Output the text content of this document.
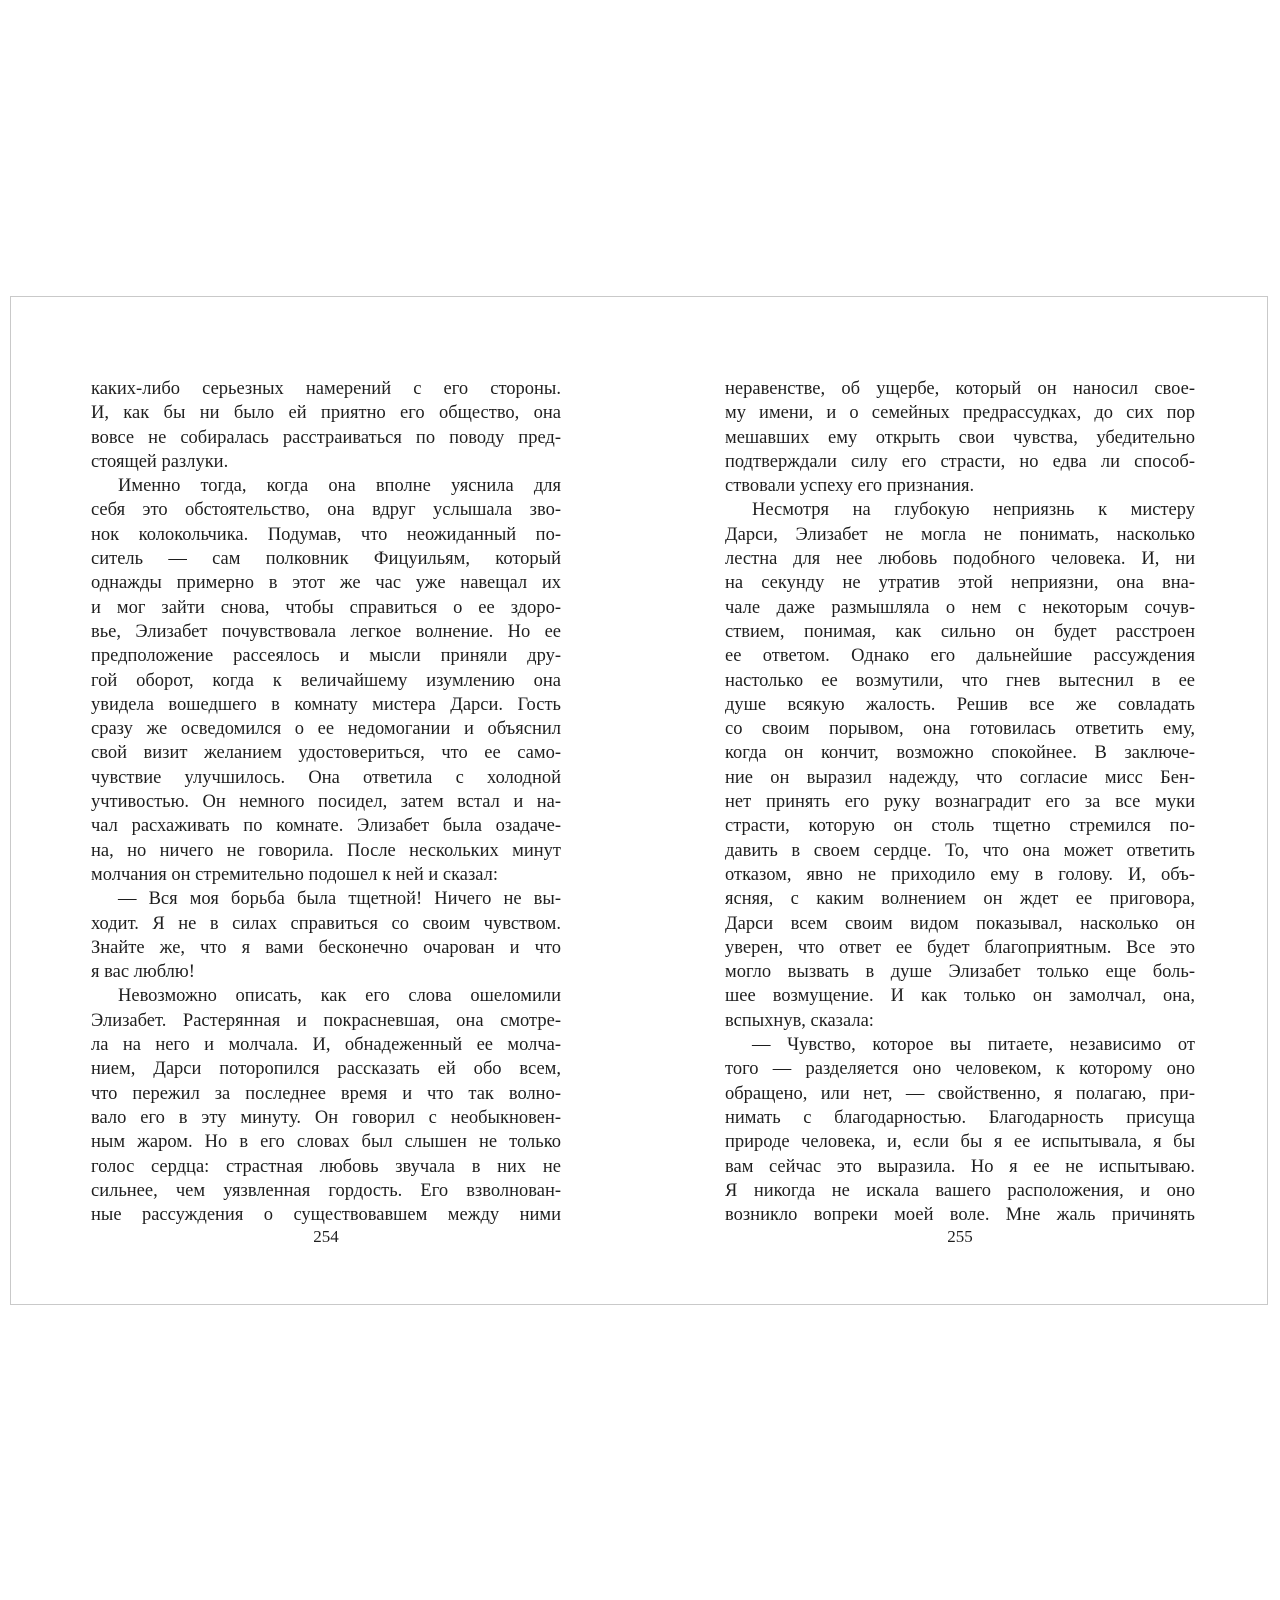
каких-либо серьезных намерений с его стороны.
И, как бы ни было ей приятно его общество, она
вовсе не собиралась расстраиваться по поводу пред-
стоящей разлуки.
Именно тогда, когда она вполне уяснила для
себя это обстоятельство, она вдруг услышала зво-
нок колокольчика. Подумав, что неожиданный по-
ситель — сам полковник Фицуильям, который
однажды примерно в этот же час уже навещал их
и мог зайти снова, чтобы справиться о ее здоро-
вье, Элизабет почувствовала легкое волнение. Но ее
предположение рассеялось и мысли приняли дру-
гой оборот, когда к величайшему изумлению она
увидела вошедшего в комнату мистера Дарси. Гость
сразу же осведомился о ее недомогании и объяснил
свой визит желанием удостовериться, что ее само-
чувствие улучшилось. Она ответила с холодной
учтивостью. Он немного посидел, затем встал и на-
чал расхаживать по комнате. Элизабет была озадаче-
на, но ничего не говорила. После нескольких минут
молчания он стремительно подошел к ней и сказал:
— Вся моя борьба была тщетной! Ничего не вы-
ходит. Я не в силах справиться со своим чувством.
Знайте же, что я вами бесконечно очарован и что
я вас люблю!
Невозможно описать, как его слова ошеломили
Элизабет. Растерянная и покрасневшая, она смотре-
ла на него и молчала. И, обнадеженный ее молча-
нием, Дарси поторопился рассказать ей обо всем,
что пережил за последнее время и что так волно-
вало его в эту минуту. Он говорил с необыкновен-
ным жаром. Но в его словах был слышен не только
голос сердца: страстная любовь звучала в них не
сильнее, чем уязвленная гордость. Его взволнован-
ные рассуждения о существовавшем между ними
неравенстве, об ущербе, который он наносил свое-
му имени, и о семейных предрассудках, до сих пор
мешавших ему открыть свои чувства, убедительно
подтверждали силу его страсти, но едва ли способ-
ствовали успеху его признания.
Несмотря на глубокую неприязнь к мистеру
Дарси, Элизабет не могла не понимать, насколько
лестна для нее любовь подобного человека. И, ни
на секунду не утратив этой неприязни, она вна-
чале даже размышляла о нем с некоторым сочув-
ствием, понимая, как сильно он будет расстроен
ее ответом. Однако его дальнейшие рассуждения
настолько ее возмутили, что гнев вытеснил в ее
душе всякую жалость. Решив все же совладать
со своим порывом, она готовилась ответить ему,
когда он кончит, возможно спокойнее. В заключе-
ние он выразил надежду, что согласие мисс Бен-
нет принять его руку вознаградит его за все муки
страсти, которую он столь тщетно стремился по-
давить в своем сердце. То, что она может ответить
отказом, явно не приходило ему в голову. И, объ-
ясняя, с каким волнением он ждет ее приговора,
Дарси всем своим видом показывал, насколько он
уверен, что ответ ее будет благоприятным. Все это
могло вызвать в душе Элизабет только еще боль-
шее возмущение. И как только он замолчал, она,
вспыхнув, сказала:
— Чувство, которое вы питаете, независимо от
того — разделяется оно человеком, к которому оно
обращено, или нет, — свойственно, я полагаю, при-
нимать с благодарностью. Благодарность присуща
природе человека, и, если бы я ее испытывала, я бы
вам сейчас это выразила. Но я ее не испытываю.
Я никогда не искала вашего расположения, и оно
возникло вопреки моей воле. Мне жаль причинять
254	255
